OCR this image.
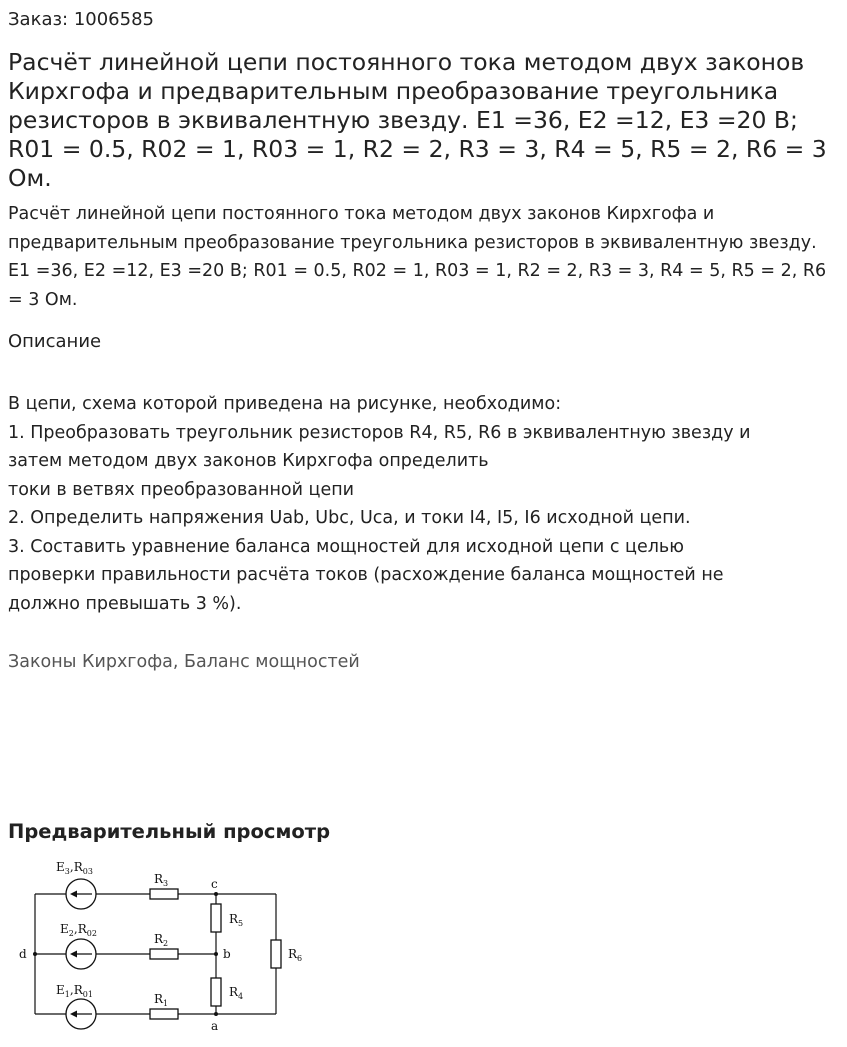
Заказ: 1006585
Расчёт линейной цепи постоянного тока методом двух законов Кирхгофа и предварительным преобразование треугольника резисторов в эквивалентную звезду. E1 =36, E2 =12, E3 =20 В; R01 = 0.5, R02 = 1, R03 = 1, R2 = 2, R3 = 3, R4 = 5, R5 = 2, R6 = 3 Ом.

Расчёт линейной цепи постоянного тока методом двух законов Кирхгофа и предварительным преобразование треугольника резисторов в эквивалентную звезду. E1 =36, E2 =12, E3 =20 В; R01 = 0.5, R02 = 1, R03 = 1, R2 = 2, R3 = 3, R4 = 5, R5 = 2, R6 = 3 Ом.

Описание
В цепи, схема которой приведена на рисунке, необходимо:
1. Преобразовать треугольник резисторов R4, R5, R6 в эквивалентную звезду и
затем методом двух законов Кирхгофа определить
токи в ветвях преобразованной цепи
2. Определить напряжения Uab, Ubc, Uca, и токи I4, I5, I6 исходной цепи.
3. Составить уравнение баланса мощностей для исходной цепи с целью
проверки правильности расчёта токов (расхождение баланса мощностей не
должно превышать 3 %).
Законы Кирхгофа, Баланс мощностей
Предварительный просмотр
$E_3,R_{03}$
$E_2,R_{02}$
$E_1,R_{01}$
$R_3$
$R_2$
$R_1$
$R_5$
$R_4$
$R_6$
c
b
a
d
